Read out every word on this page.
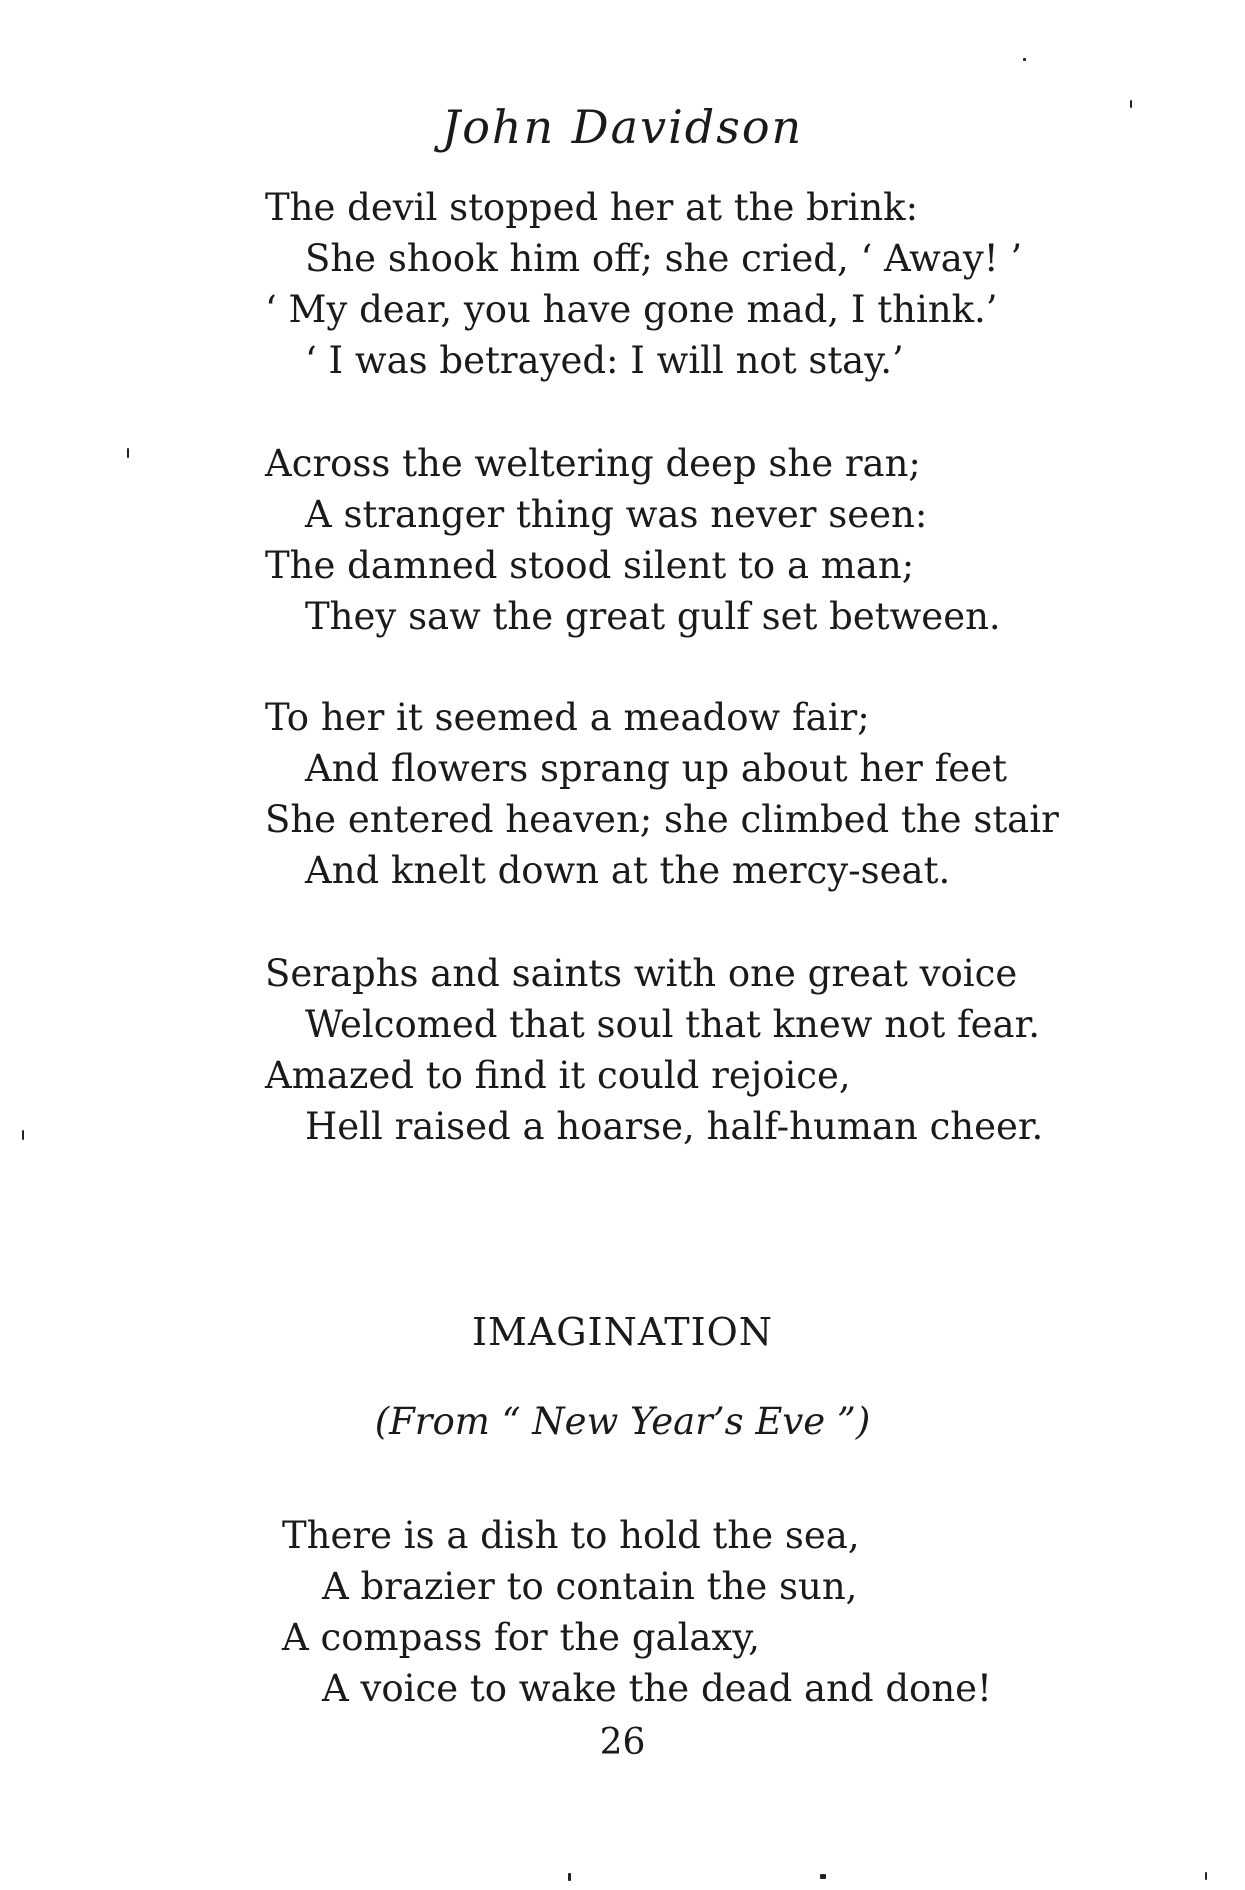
John Davidson
The devil stopped her at the brink:
She shook him off; she cried, ‘ Away! ’
‘ My dear, you have gone mad, I think.’
‘ I was betrayed: I will not stay.’
Across the weltering deep she ran;
A stranger thing was never seen:
The damned stood silent to a man;
They saw the great gulf set between.
To her it seemed a meadow fair;
And flowers sprang up about her feet
She entered heaven; she climbed the stair
And knelt down at the mercy-seat.
Seraphs and saints with one great voice
Welcomed that soul that knew not fear.
Amazed to find it could rejoice,
Hell raised a hoarse, half-human cheer.
IMAGINATION
(From “ New Year’s Eve ”)
There is a dish to hold the sea,
A brazier to contain the sun,
A compass for the galaxy,
A voice to wake the dead and done!
26
